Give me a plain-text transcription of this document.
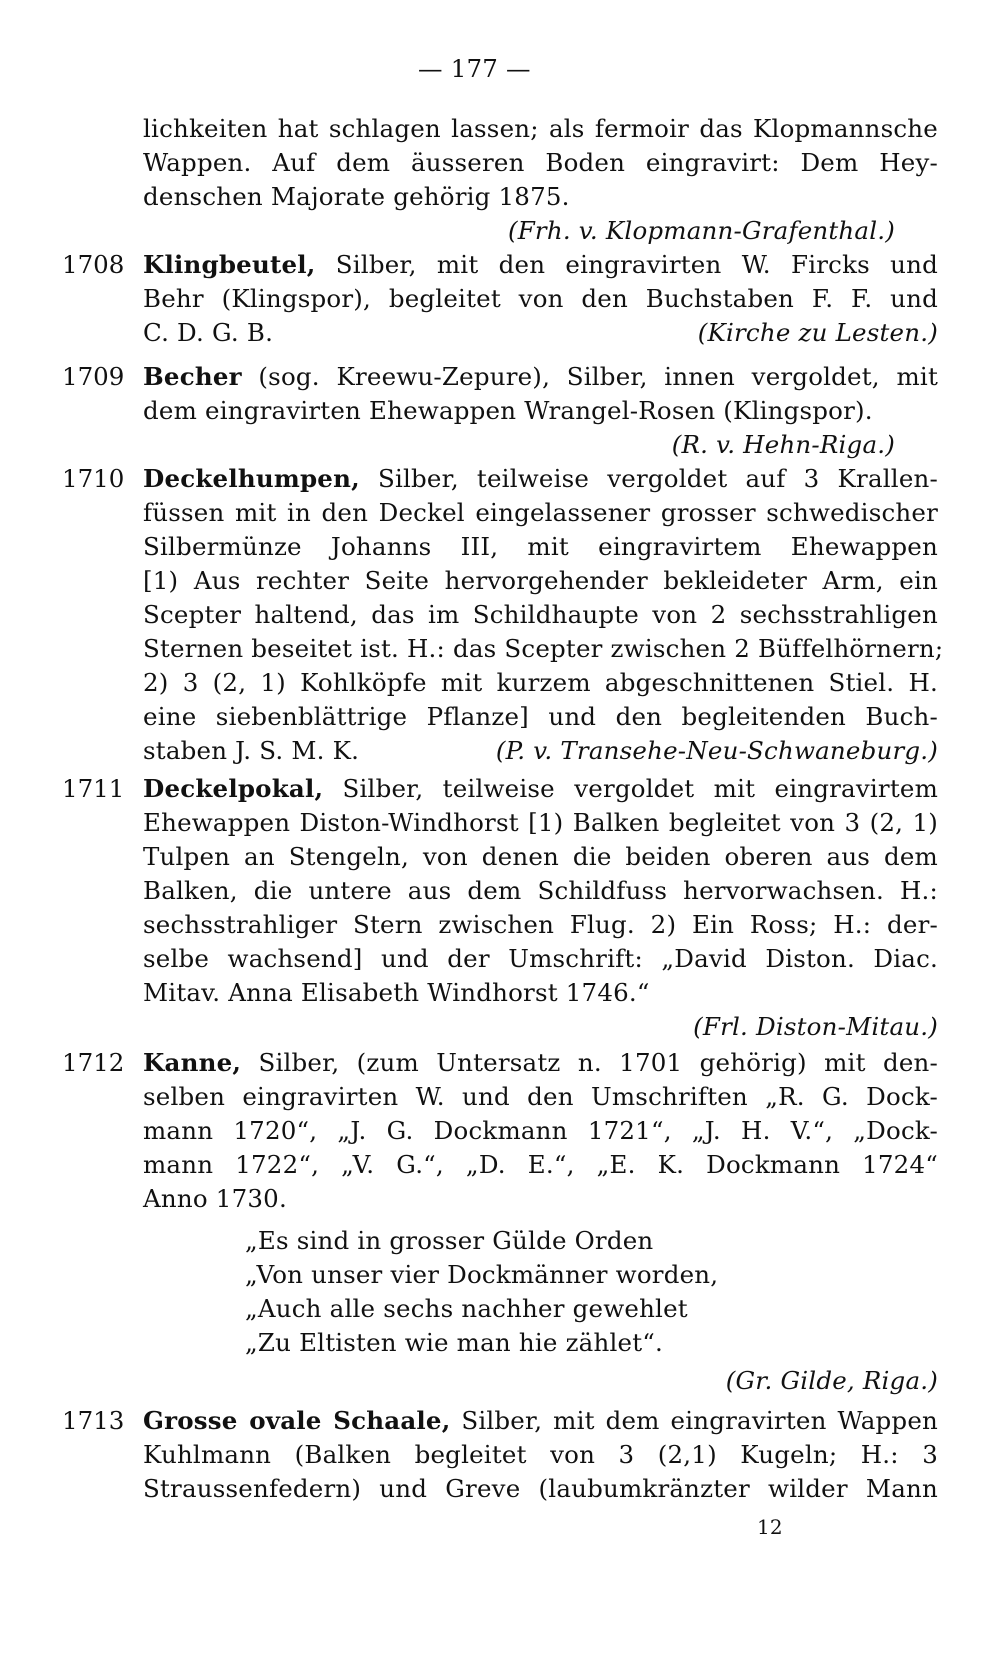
— 177 —
lichkeiten hat schlagen lassen; als fermoir das Klopmannsche
Wappen. Auf dem äusseren Boden eingravirt: Dem Hey-
denschen Majorate gehörig 1875.
(Frh. v. Klopmann-Grafenthal.)
1708 Klingbeutel, Silber, mit den eingravirten W. Fircks und
Behr (Klingspor), begleitet von den Buchstaben F. F. und
C. D. G. B.	(Kirche zu Lesten.)
1709 Becher (sog. Kreewu-Zepure), Silber, innen vergoldet, mit
dem eingravirten Ehewappen Wrangel-Rosen (Klingspor).
(R. v. Hehn-Riga.)
1710 Deckelhumpen, Silber, teilweise vergoldet auf 3 Krallen-
füssen mit in den Deckel eingelassener grosser schwedischer
Silbermünze Johanns III, mit eingravirtem Ehewappen
[1) Aus rechter Seite hervorgehender bekleideter Arm, ein
Scepter haltend, das im Schildhaupte von 2 sechsstrahligen
Sternen beseitet ist. H.: das Scepter zwischen 2 Büffelhörnern;
2) 3 (2, 1) Kohlköpfe mit kurzem abgeschnittenen Stiel. H.
eine siebenblättrige Pflanze] und den begleitenden Buch-
staben J. S. M. K.	(P. v. Transehe-Neu-Schwaneburg.)
1711 Deckelpokal, Silber, teilweise vergoldet mit eingravirtem
Ehewappen Diston-Windhorst [1) Balken begleitet von 3 (2, 1)
Tulpen an Stengeln, von denen die beiden oberen aus dem
Balken, die untere aus dem Schildfuss hervorwachsen. H.:
sechsstrahliger Stern zwischen Flug. 2) Ein Ross; H.: der-
selbe wachsend] und der Umschrift: „David Diston. Diac.
Mitav. Anna Elisabeth Windhorst 1746.“
(Frl. Diston-Mitau.)
1712 Kanne, Silber, (zum Untersatz n. 1701 gehörig) mit den-
selben eingravirten W. und den Umschriften „R. G. Dock-
mann 1720“, „J. G. Dockmann 1721“, „J. H. V.“, „Dock-
mann 1722“, „V. G.“, „D. E.“, „E. K. Dockmann 1724“
Anno 1730.
„Es sind in grosser Gülde Orden
„Von unser vier Dockmänner worden,
„Auch alle sechs nachher gewehlet
„Zu Eltisten wie man hie zählet“.
(Gr. Gilde, Riga.)
1713 Grosse ovale Schaale, Silber, mit dem eingravirten Wappen
Kuhlmann (Balken begleitet von 3 (2,1) Kugeln; H.: 3
Straussenfedern) und Greve (laubumkränzter wilder Mann
12
